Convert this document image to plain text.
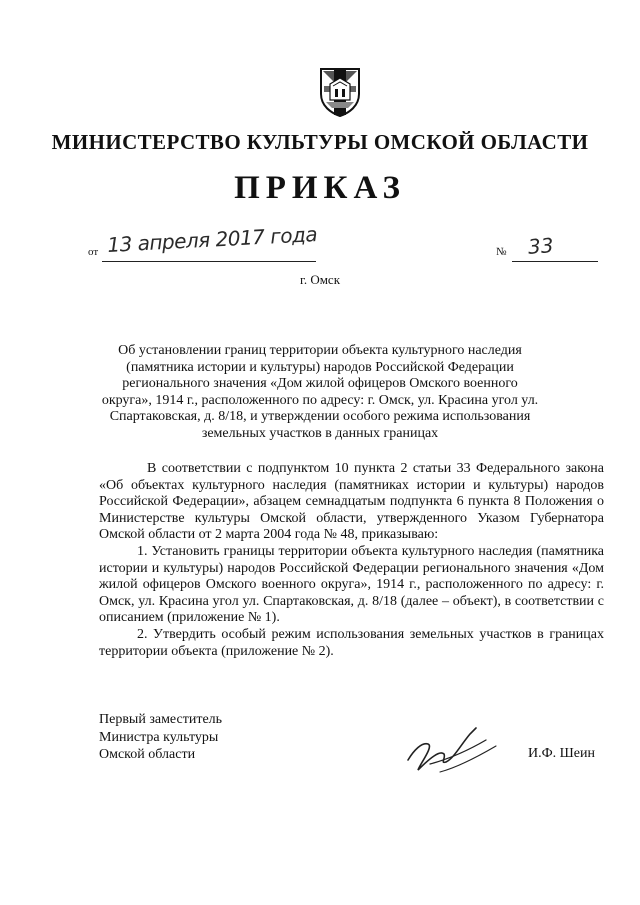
МИНИСТЕРСТВО КУЛЬТУРЫ ОМСКОЙ ОБЛАСТИ
ПРИКАЗ
от 13 апреля 2017 года	№ 33
г. Омск
Об установлении границ территории объекта культурного наследия (памятника истории и культуры) народов Российской Федерации регионального значения «Дом жилой офицеров Омского военного округа», 1914 г., расположенного по адресу: г. Омск, ул. Красина угол ул. Спартаковская, д. 8/18, и утверждении особого режима использования земельных участков в данных границах

В соответствии с подпунктом 10 пункта 2 статьи 33 Федерального закона «Об объектах культурного наследия (памятниках истории и культуры) народов Российской Федерации», абзацем семнадцатым подпункта 6 пункта 8 Положения о Министерстве культуры Омской области, утвержденного Указом Губернатора Омской области от 2 марта 2004 года № 48, приказываю:

1. Установить границы территории объекта культурного наследия (памятника истории и культуры) народов Российской Федерации регионального значения «Дом жилой офицеров Омского военного округа», 1914 г., расположенного по адресу: г. Омск, ул. Красина угол ул. Спартаковская, д. 8/18 (далее – объект), в соответствии с описанием (приложение № 1).

2. Утвердить особый режим использования земельных участков в границах территории объекта (приложение № 2).

Первый заместитель
Министра культуры
Омской области	И.Ф. Шеин
